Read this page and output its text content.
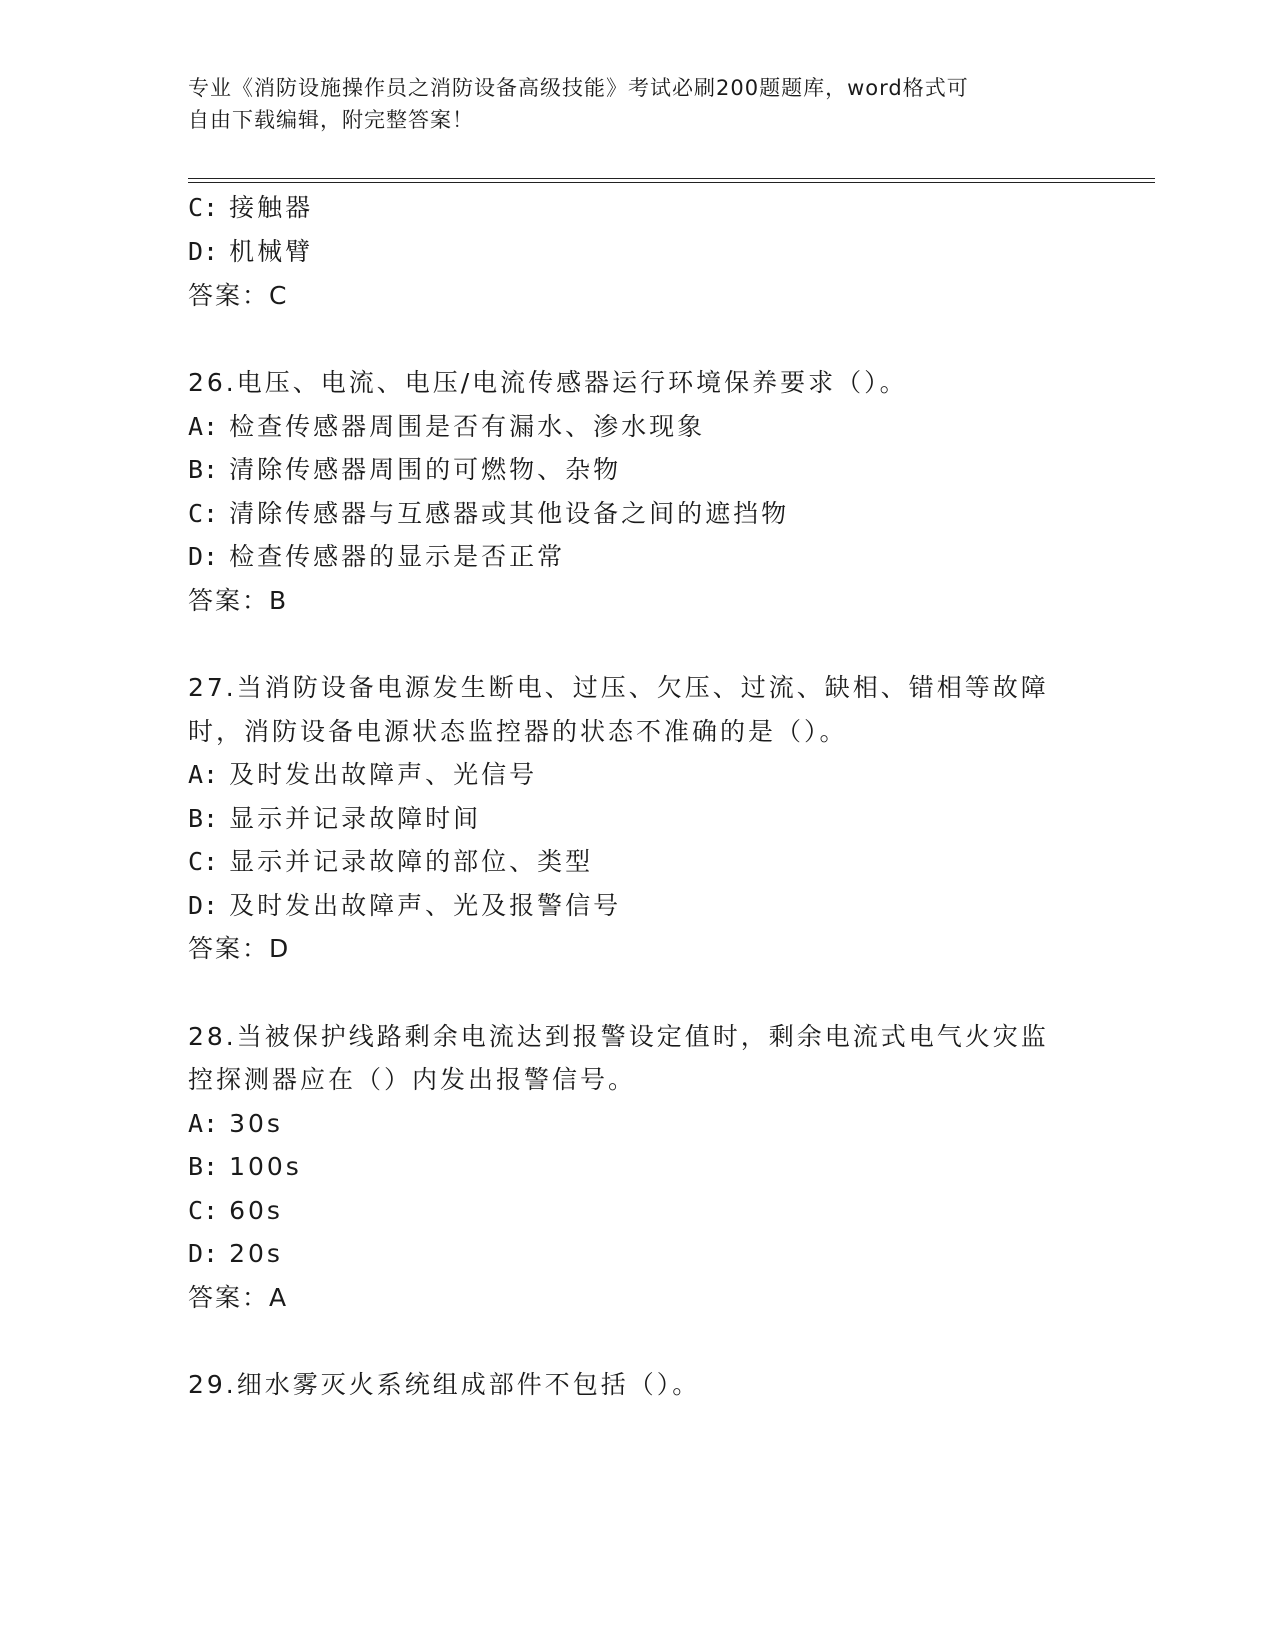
专业《消防设施操作员之消防设备高级技能》考试必刷200题题库，word格式可
自由下载编辑，附完整答案！
C: 接触器
D: 机械臂
答案：C
26.电压、电流、电压/电流传感器运行环境保养要求（）。
A: 检查传感器周围是否有漏水、渗水现象
B: 清除传感器周围的可燃物、杂物
C: 清除传感器与互感器或其他设备之间的遮挡物
D: 检查传感器的显示是否正常
答案：B
27.当消防设备电源发生断电、过压、欠压、过流、缺相、错相等故障
时，消防设备电源状态监控器的状态不准确的是（）。
A: 及时发出故障声、光信号
B: 显示并记录故障时间
C: 显示并记录故障的部位、类型
D: 及时发出故障声、光及报警信号
答案：D
28.当被保护线路剩余电流达到报警设定值时，剩余电流式电气火灾监
控探测器应在（）内发出报警信号。
A: 30s
B: 100s
C: 60s
D: 20s
答案：A
29.细水雾灭火系统组成部件不包括（）。
